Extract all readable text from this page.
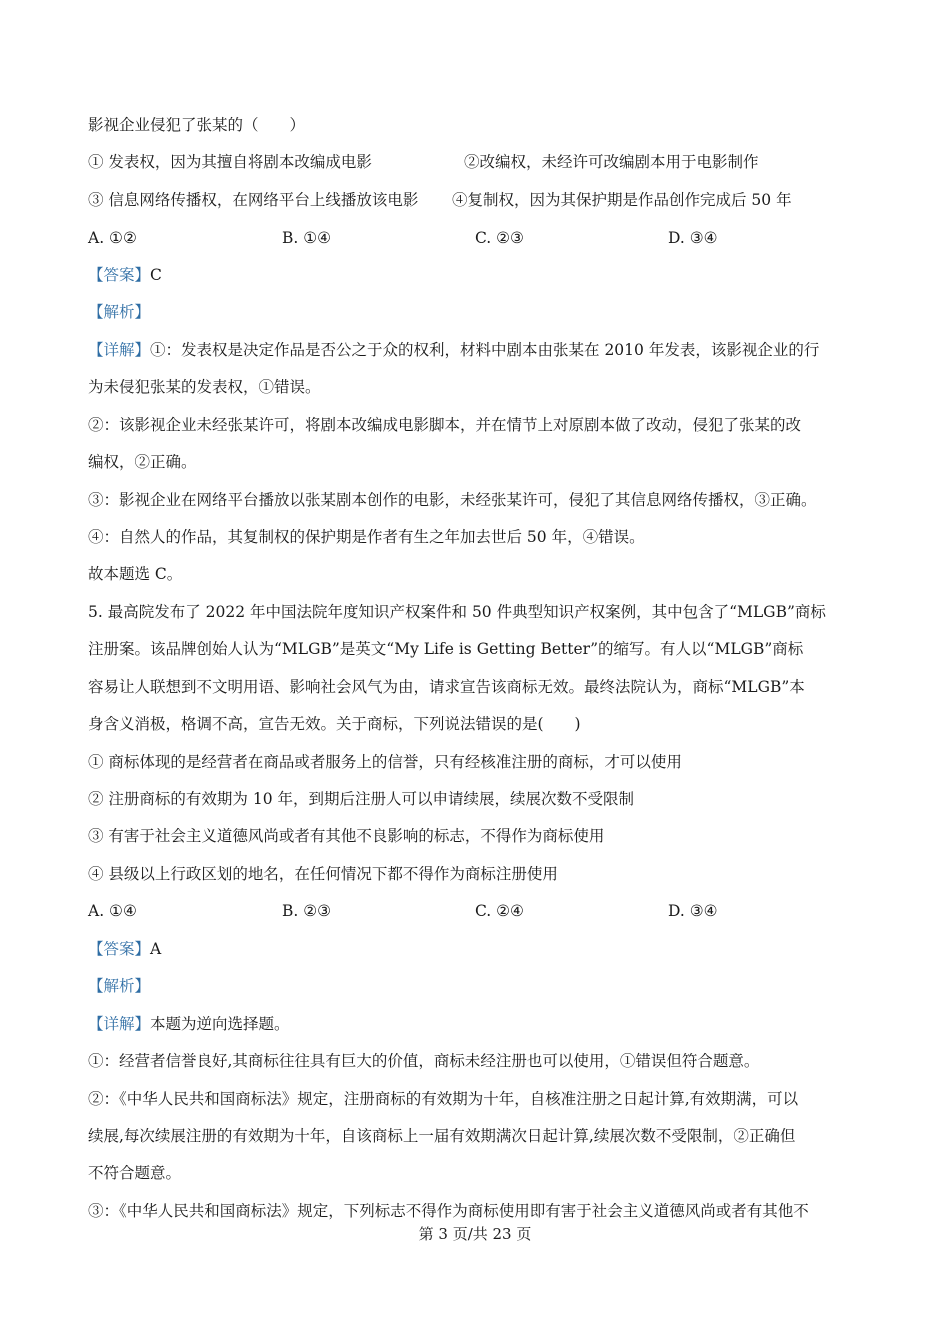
影视企业侵犯了张某的（　　）
① 发表权，因为其擅自将剧本改编成电影	②改编权，未经许可改编剧本用于电影制作
③ 信息网络传播权，在网络平台上线播放该电影 ④复制权，因为其保护期是作品创作完成后 50 年
A. ①②	B. ①④	C. ②③	D. ③④
【答案】C
【解析】
【详解】①：发表权是决定作品是否公之于众的权利，材料中剧本由张某在 2010 年发表，该影视企业的行
为未侵犯张某的发表权，①错误。
②：该影视企业未经张某许可，将剧本改编成电影脚本，并在情节上对原剧本做了改动，侵犯了张某的改
编权，②正确。
③：影视企业在网络平台播放以张某剧本创作的电影，未经张某许可，侵犯了其信息网络传播权，③正确。
④：自然人的作品，其复制权的保护期是作者有生之年加去世后 50 年，④错误。
故本题选 C。
5. 最高院发布了 2022 年中国法院年度知识产权案件和 50 件典型知识产权案例，其中包含了“MLGB”商标
注册案。该品牌创始人认为“MLGB”是英文“My Life is Getting Better”的缩写。有人以“MLGB”商标
容易让人联想到不文明用语、影响社会风气为由，请求宣告该商标无效。最终法院认为，商标“MLGB”本
身含义消极，格调不高，宣告无效。关于商标，下列说法错误的是(　　)
① 商标体现的是经营者在商品或者服务上的信誉，只有经核准注册的商标，才可以使用
② 注册商标的有效期为 10 年，到期后注册人可以申请续展，续展次数不受限制
③ 有害于社会主义道德风尚或者有其他不良影响的标志，不得作为商标使用
④ 县级以上行政区划的地名，在任何情况下都不得作为商标注册使用
A. ①④	B. ②③	C. ②④	D. ③④
【答案】A
【解析】
【详解】本题为逆向选择题。
①：经营者信誉良好,其商标往往具有巨大的价值，商标未经注册也可以使用，①错误但符合题意。
②：《中华人民共和国商标法》规定，注册商标的有效期为十年，自核准注册之日起计算,有效期满，可以
续展,每次续展注册的有效期为十年，自该商标上一届有效期满次日起计算,续展次数不受限制，②正确但
不符合题意。
③：《中华人民共和国商标法》规定，下列标志不得作为商标使用即有害于社会主义道德风尚或者有其他不
第 3 页/共 23 页
